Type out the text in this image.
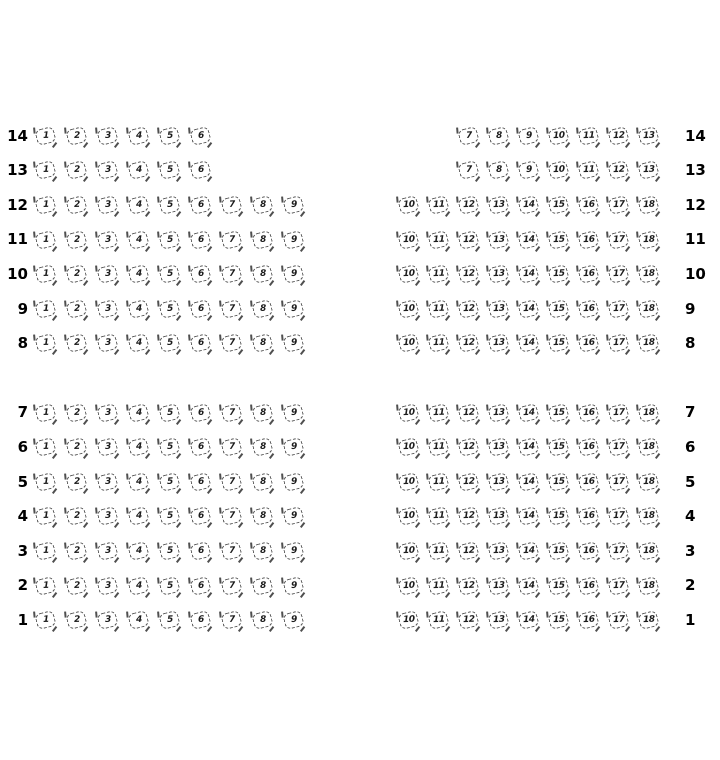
14 1	2	3	4	5	6	7	8	9 10 11 12 13 14
13 1	2	3	4	5	6	7	8	9 10 11 12 13 13
12 1	2	3	4	5	6	7	8	9	10 11 12 13 14 15 16 17 18 12
11 1	2	3	4	5	6	7	8	9	10 11 12 13 14 15 16 17 18 11
10 1	2	3	4	5	6	7	8	9	10 11 12 13 14 15 16 17 18 10
9 1	2	3	4	5	6	7	8	9	10 11 12 13 14 15 16 17 18 9
8 1	2	3	4	5	6	7	8	9	10 11 12 13 14 15 16 17 18 8
7 1	2	3	4	5	6	7	8	9	10 11 12 13 14 15 16 17 18 7
6 1	2	3	4	5	6	7	8	9	10 11 12 13 14 15 16 17 18 6
5 1	2	3	4	5	6	7	8	9	10 11 12 13 14 15 16 17 18 5
4 1	2	3	4	5	6	7	8	9	10 11 12 13 14 15 16 17 18 4
3 1	2	3	4	5	6	7	8	9	10 11 12 13 14 15 16 17 18 3
2 1	2	3	4	5	6	7	8	9	10 11 12 13 14 15 16 17 18 2
1 1	2	3	4	5	6	7	8	9	10 11 12 13 14 15 16 17 18 1
